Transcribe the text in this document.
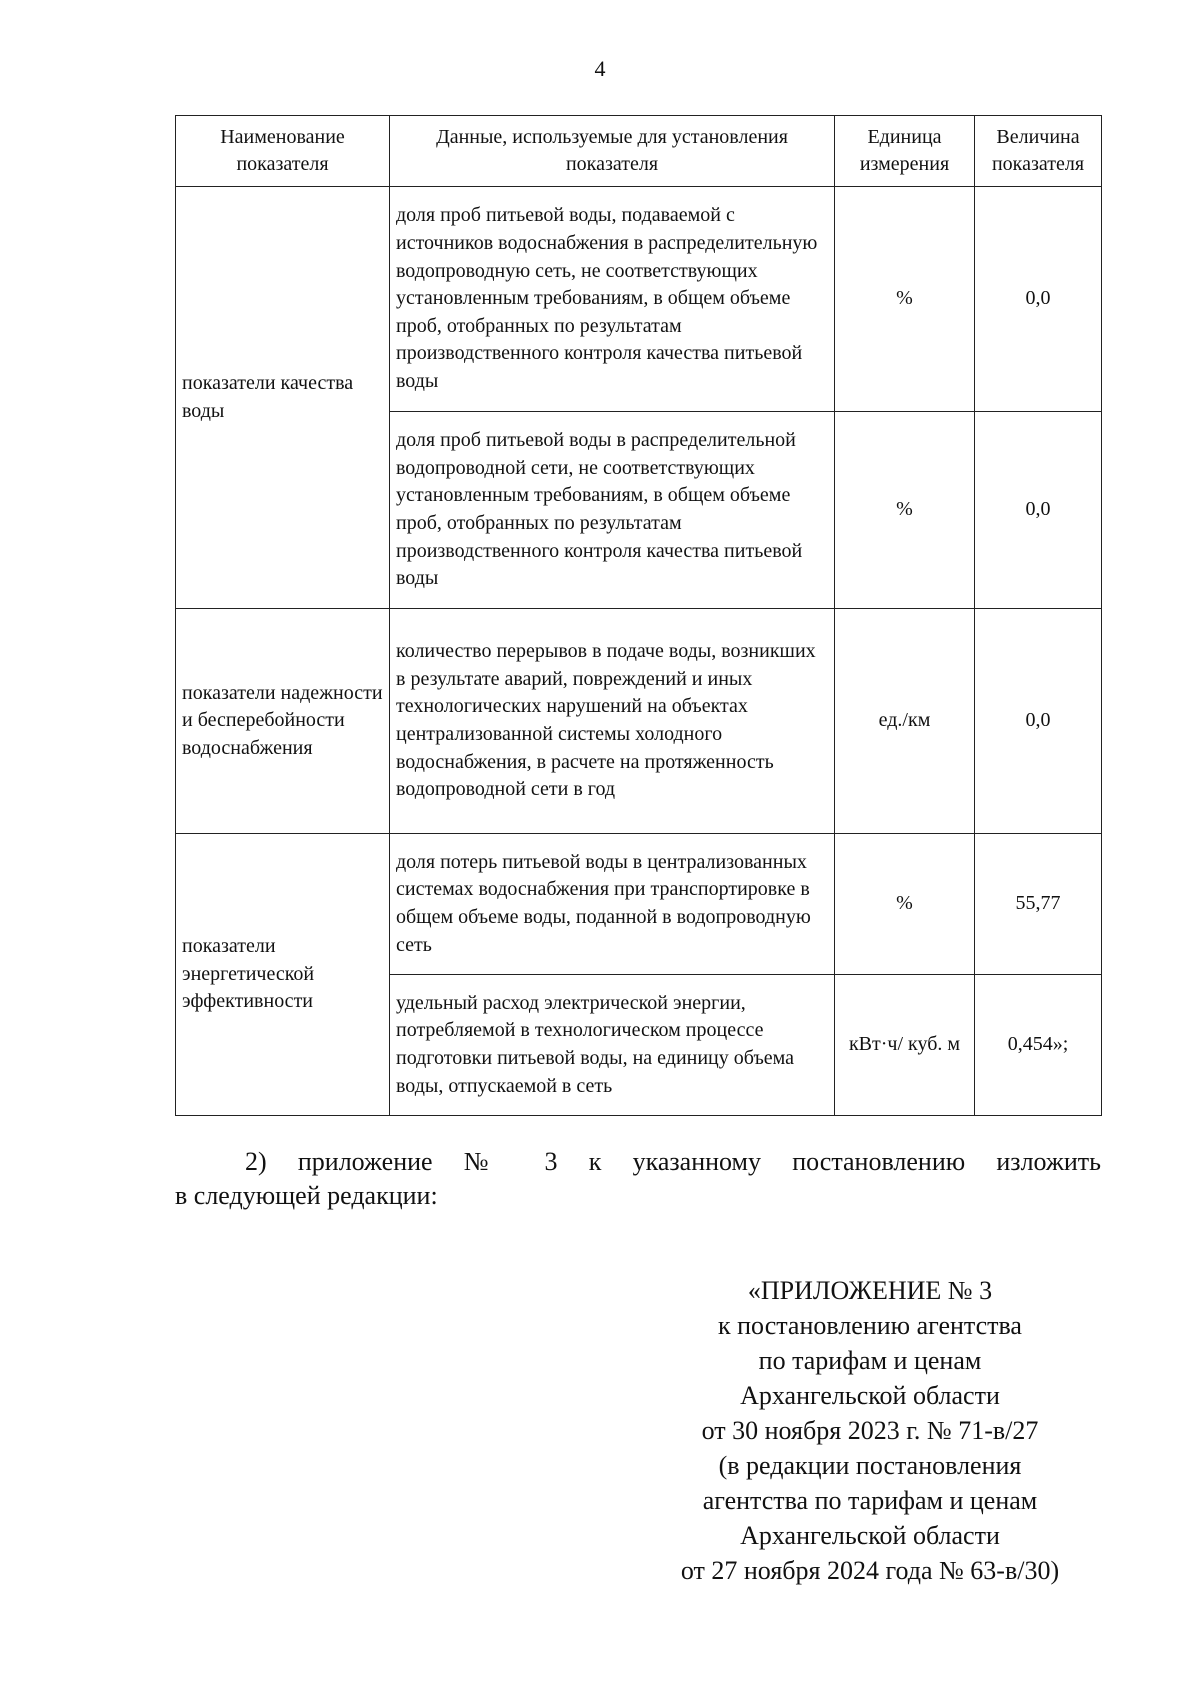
4
Наименование показателя	Данные, используемые для установления показателя	Единица измерения	Величина показателя
показатели качества воды	доля проб питьевой воды, подаваемой с источников водоснабжения в распределительную водопроводную сеть, не соответствующих установленным требованиям, в общем объеме проб, отобранных по результатам производственного контроля качества питьевой воды	%	0,0
	доля проб питьевой воды в распределительной водопроводной сети, не соответствующих установленным требованиям, в общем объеме проб, отобранных по результатам производственного контроля качества питьевой воды	%	0,0
показатели надежности и бесперебойности водоснабжения	количество перерывов в подаче воды, возникших в результате аварий, повреждений и иных технологических нарушений на объектах централизованной системы холодного водоснабжения, в расчете на протяженность водопроводной сети в год	ед./км	0,0
показатели энергетической эффективности	доля потерь питьевой воды в централизованных системах водоснабжения при транспортировке в общем объеме воды, поданной в водопроводную сеть	%	55,77
	удельный расход электрической энергии, потребляемой в технологическом процессе подготовки питьевой воды, на единицу объема воды, отпускаемой в сеть	кВт·ч/ куб. м	0,454»;
2) приложение № 3 к указанному постановлению изложить
в следующей редакции:
«ПРИЛОЖЕНИЕ № 3
к постановлению агентства
по тарифам и ценам
Архангельской области
от 30 ноября 2023 г. № 71-в/27
(в редакции постановления
агентства по тарифам и ценам
Архангельской области
от 27 ноября 2024 года № 63-в/30)
